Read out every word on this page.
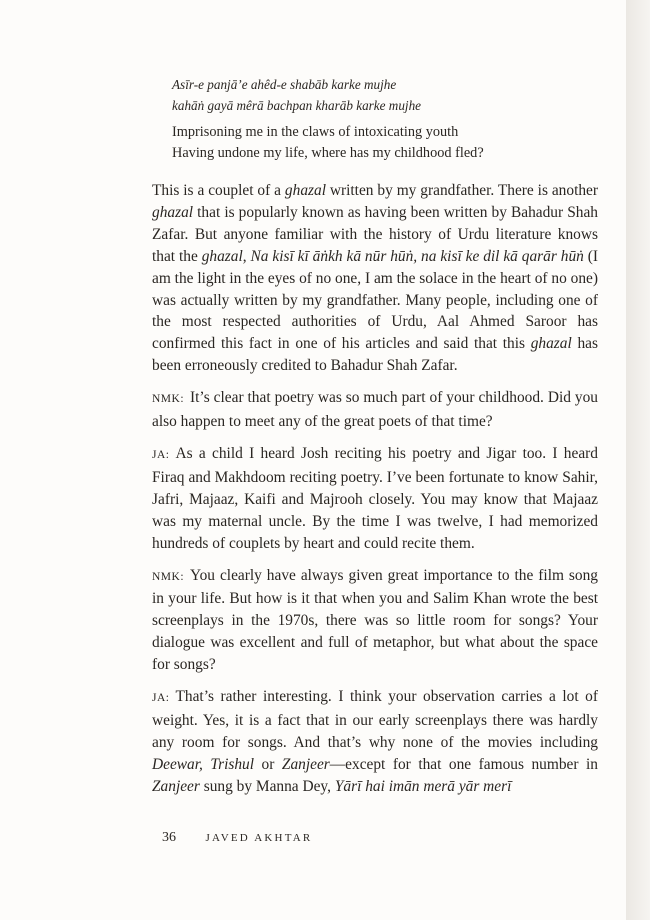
Asīr-e panjā’e ahêd-e shabāb karke mujhe
kahāṅ gayā mêrā bachpan kharāb karke mujhe
Imprisoning me in the claws of intoxicating youth
Having undone my life, where has my childhood fled?

This is a couplet of a ghazal written by my grandfather. There is another ghazal that is popularly known as having been written by Bahadur Shah Zafar. But anyone familiar with the history of Urdu literature knows that the ghazal, Na kisī kī āṅkh kā nūr hūṅ, na kisī ke dil kā qarār hūṅ (I am the light in the eyes of no one, I am the solace in the heart of no one) was actually written by my grandfather. Many people, including one of the most respected authorities of Urdu, Aal Ahmed Saroor has confirmed this fact in one of his articles and said that this ghazal has been erroneously credited to Bahadur Shah Zafar.

NMK: It’s clear that poetry was so much part of your childhood. Did you also happen to meet any of the great poets of that time?

JA: As a child I heard Josh reciting his poetry and Jigar too. I heard Firaq and Makhdoom reciting poetry. I’ve been fortunate to know Sahir, Jafri, Majaaz, Kaifi and Majrooh closely. You may know that Majaaz was my maternal uncle. By the time I was twelve, I had memorized hundreds of couplets by heart and could recite them.

NMK: You clearly have always given great importance to the film song in your life. But how is it that when you and Salim Khan wrote the best screenplays in the 1970s, there was so little room for songs? Your dialogue was excellent and full of metaphor, but what about the space for songs?

JA: That’s rather interesting. I think your observation carries a lot of weight. Yes, it is a fact that in our early screenplays there was hardly any room for songs. And that’s why none of the movies including Deewar, Trishul or Zanjeer—except for that one famous number in Zanjeer sung by Manna Dey, Yārī hai imān merā yār merī

36	JAVED AKHTAR
